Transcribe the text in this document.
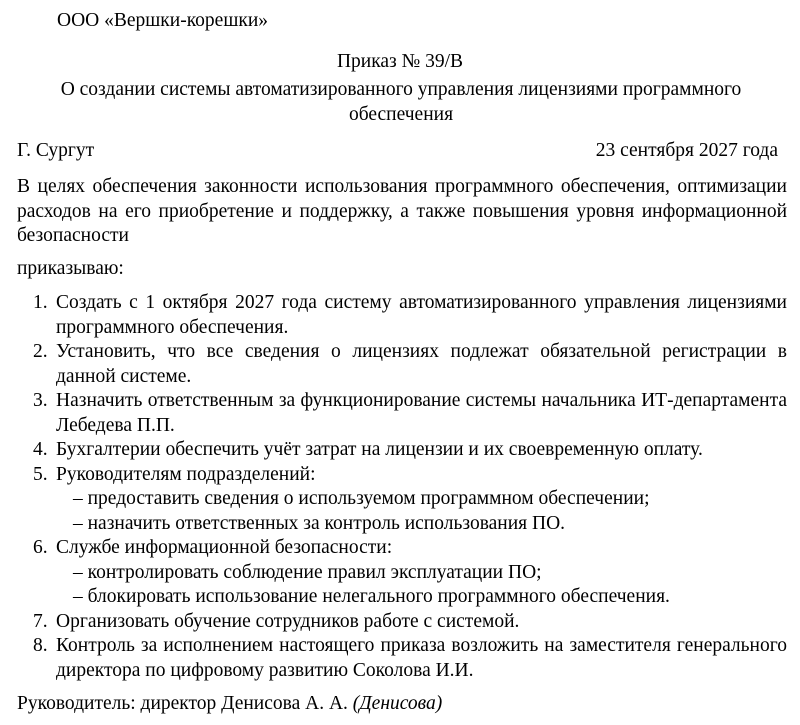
ООО «Вершки-корешки»
Приказ № 39/В
О создании системы автоматизированного управления лицензиями программного обеспечения
Г. Сургут	23 сентября 2027 года
В целях обеспечения законности использования программного обеспечения, оптимизации расходов на его приобретение и поддержку, а также повышения уровня информационной безопасности
приказываю:
1. Создать с 1 октября 2027 года систему автоматизированного управления лицензиями программного обеспечения.
2. Установить, что все сведения о лицензиях подлежат обязательной регистрации в данной системе.
3. Назначить ответственным за функционирование системы начальника ИТ-департамента Лебедева П.П.
4. Бухгалтерии обеспечить учёт затрат на лицензии и их своевременную оплату.
5. Руководителям подразделений:
– предоставить сведения о используемом программном обеспечении;
– назначить ответственных за контроль использования ПО.
6. Службе информационной безопасности:
– контролировать соблюдение правил эксплуатации ПО;
– блокировать использование нелегального программного обеспечения.
7. Организовать обучение сотрудников работе с системой.
8. Контроль за исполнением настоящего приказа возложить на заместителя генерального директора по цифровому развитию Соколова И.И.
Руководитель: директор Денисова А. А. (Денисова)
